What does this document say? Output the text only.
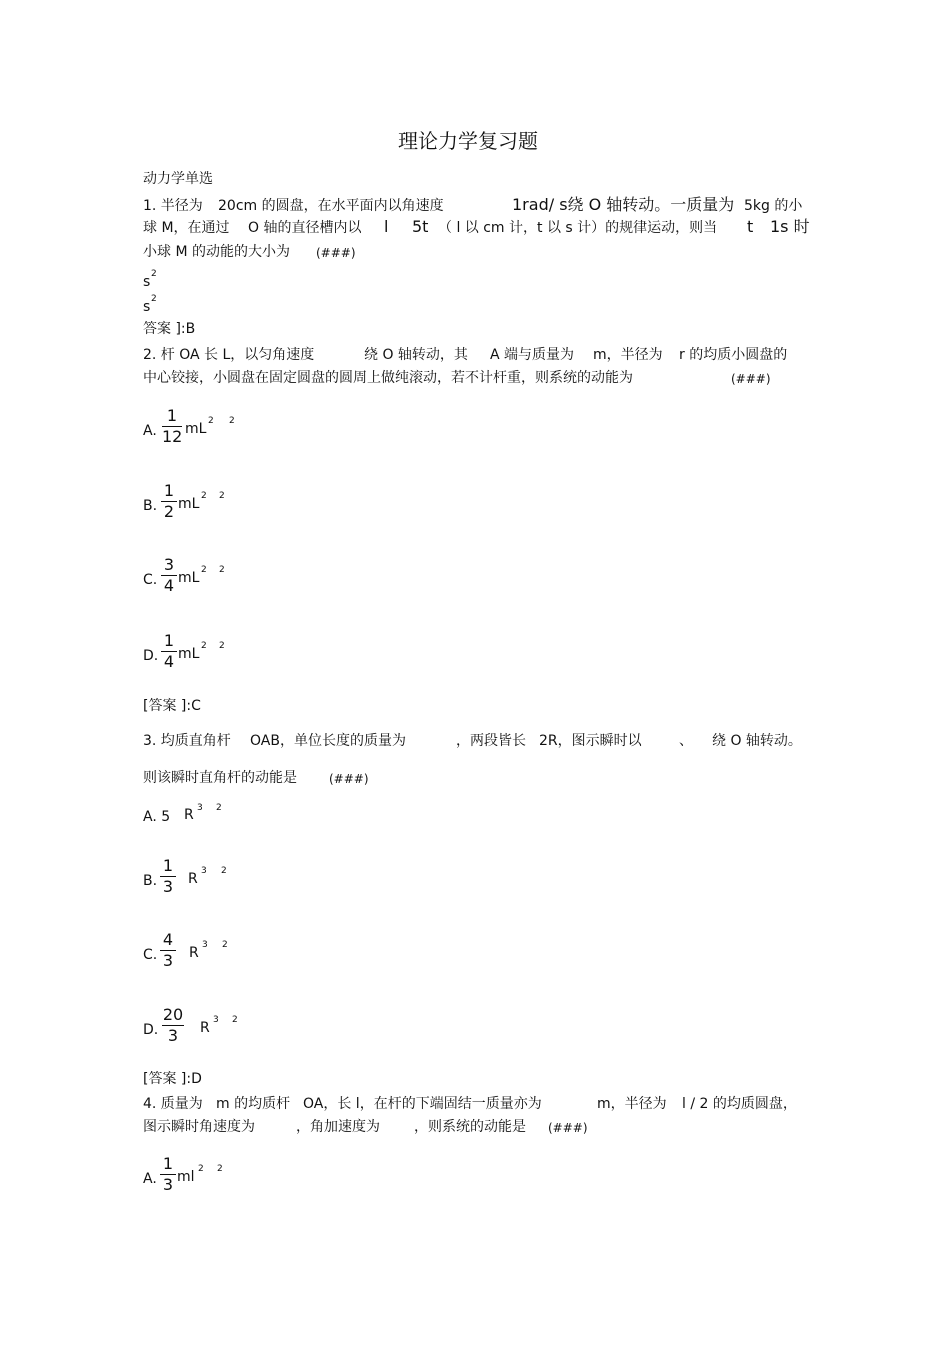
理论力学复习题
动力学单选
1. 半径为 20cm 的圆盘，在水平面内以角速度	1rad/ s绕 O 轴转动。一质量为 5kg 的小
球 M，在通过 O 轴的直径槽内以 l 5t （ l 以 cm 计， t 以 s 计）的规律运动，则当 t 1s 时
小球 M 的动能的大小为 (###)
s 2
s 2
答案 ]:B
2. 杆 OA 长 L，以匀角速度	绕 O 轴转动，其 A 端与质量为 m，半径为 r 的均质小圆盘的
中心铰接，小圆盘在固定圆盘的圆周上做纯滚动，若不计杆重，则系统的动能为	(###)
A.
1
12 mL 2 2
B.
1
2 mL 2 2
C.
3
4 mL 2 2
D.
1
4 mL 2 2
[答案 ]:C
3. 均质直角杆 OAB，单位长度的质量为	，两段皆长 2R，图示瞬时以	、 绕 O 轴转动。
则该瞬时直角杆的动能是	(###)
A. 5 R 3 2
B.
1
3 R 3 2
C.
4
3 R 3 2
D.
20
3	R 3 2
[答案 ]:D
4. 质量为 m 的均质杆 OA，长 l，在杆的下端固结一质量亦为	m，半径为 l / 2 的均质圆盘，
图示瞬时角速度为	，角加速度为 ，则系统的动能是 (###)
A.
1
3 ml 2 2
